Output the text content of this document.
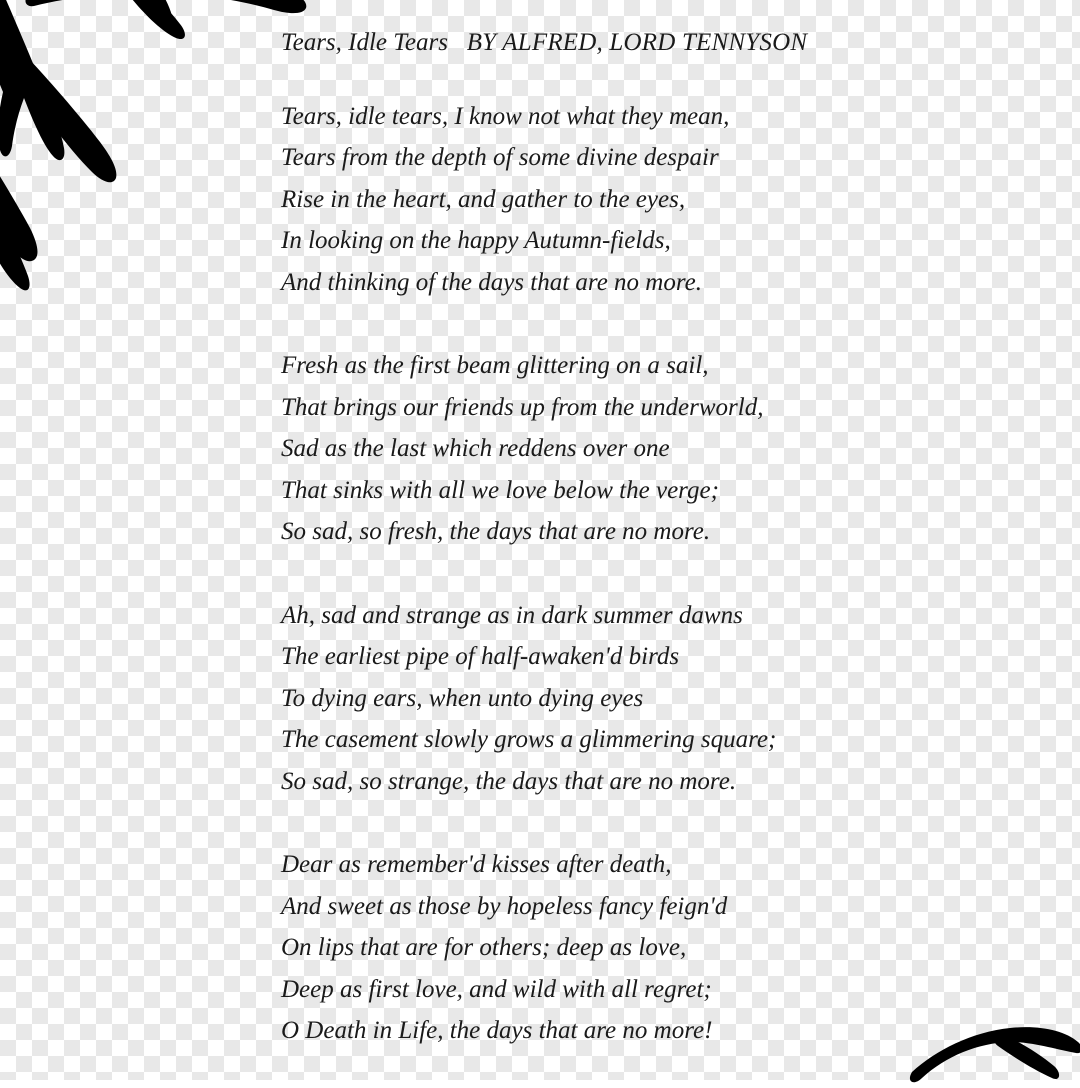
Tears, Idle Tears BY ALFRED, LORD TENNYSON
Tears, idle tears, I know not what they mean,
Tears from the depth of some divine despair
Rise in the heart, and gather to the eyes,
In looking on the happy Autumn-fields,
And thinking of the days that are no more.
Fresh as the first beam glittering on a sail,
That brings our friends up from the underworld,
Sad as the last which reddens over one
That sinks with all we love below the verge;
So sad, so fresh, the days that are no more.
Ah, sad and strange as in dark summer dawns
The earliest pipe of half-awaken'd birds
To dying ears, when unto dying eyes
The casement slowly grows a glimmering square;
So sad, so strange, the days that are no more.
Dear as remember'd kisses after death,
And sweet as those by hopeless fancy feign'd
On lips that are for others; deep as love,
Deep as first love, and wild with all regret;
O Death in Life, the days that are no more!
